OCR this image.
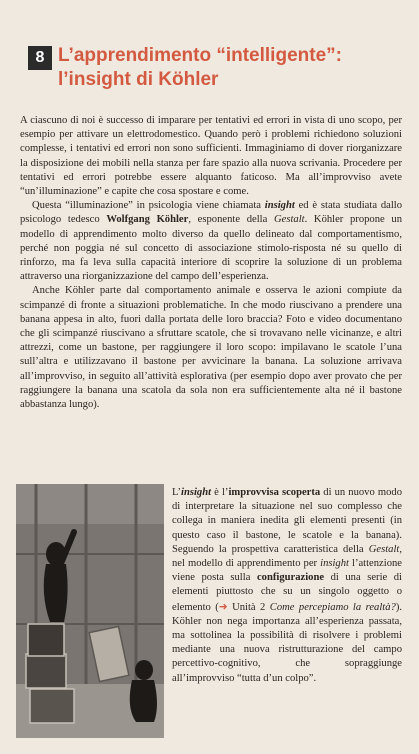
8 L’apprendimento “intelligente”:
l’insight di Köhler

A ciascuno di noi è successo di imparare per tentativi ed errori in vista di uno scopo, per esempio per attivare un elettrodomestico. Quando però i problemi richiedono soluzioni complesse, i tentativi ed errori non sono sufficienti. Immaginiamo di dover riorganizzare la disposizione dei mobili nella stanza per fare spazio alla nuova scrivania. Procedere per tentativi ed errori potrebbe essere alquanto faticoso. Ma all’improvviso avete “un’illuminazione” e capite che cosa spostare e come.

Questa “illuminazione” in psicologia viene chiamata insight ed è stata studiata dallo psicologo tedesco Wolfgang Köhler, esponente della Gestalt. Köhler propone un modello di apprendimento molto diverso da quello delineato dal comportamentismo, perché non poggia né sul concetto di associazione stimolo-risposta né su quello di rinforzo, ma fa leva sulla capacità interiore di scoprire la soluzione di un problema attraverso una riorganizzazione del campo dell’esperienza.

Anche Köhler parte dal comportamento animale e osserva le azioni compiute da scimpanzé di fronte a situazioni problematiche. In che modo riuscivano a prendere una banana appesa in alto, fuori dalla portata delle loro braccia? Foto e video documentano che gli scimpanzé riuscivano a sfruttare scatole, che si trovavano nelle vicinanze, e altri attrezzi, come un bastone, per raggiungere il loro scopo: impilavano le scatole l’una sull’altra e utilizzavano il bastone per avvicinare la banana. La soluzione arrivava all’improvviso, in seguito all’attività esplorativa (per esempio dopo aver provato che per raggiungere la banana una scatola da sola non era sufficientemente alta né il bastone abbastanza lungo).

L’insight è l’improvvisa scoperta di un nuovo modo di interpretare la situazione nel suo complesso che collega in maniera inedita gli elementi presenti (in questo caso il bastone, le scatole e la banana). Seguendo la prospettiva caratteristica della Gestalt, nel modello di apprendimento per insight l’attenzione viene posta sulla configurazione di una serie di elementi piuttosto che su un singolo oggetto o elemento (➜ Unità 2 Come percepiamo la realtà?). Köhler non nega importanza all’esperienza passata, ma sottolinea la possibilità di risolvere i problemi mediante una nuova ristrutturazione del campo percettivo-cognitivo, che sopraggiunge all’improvviso “tutta d’un colpo”.
